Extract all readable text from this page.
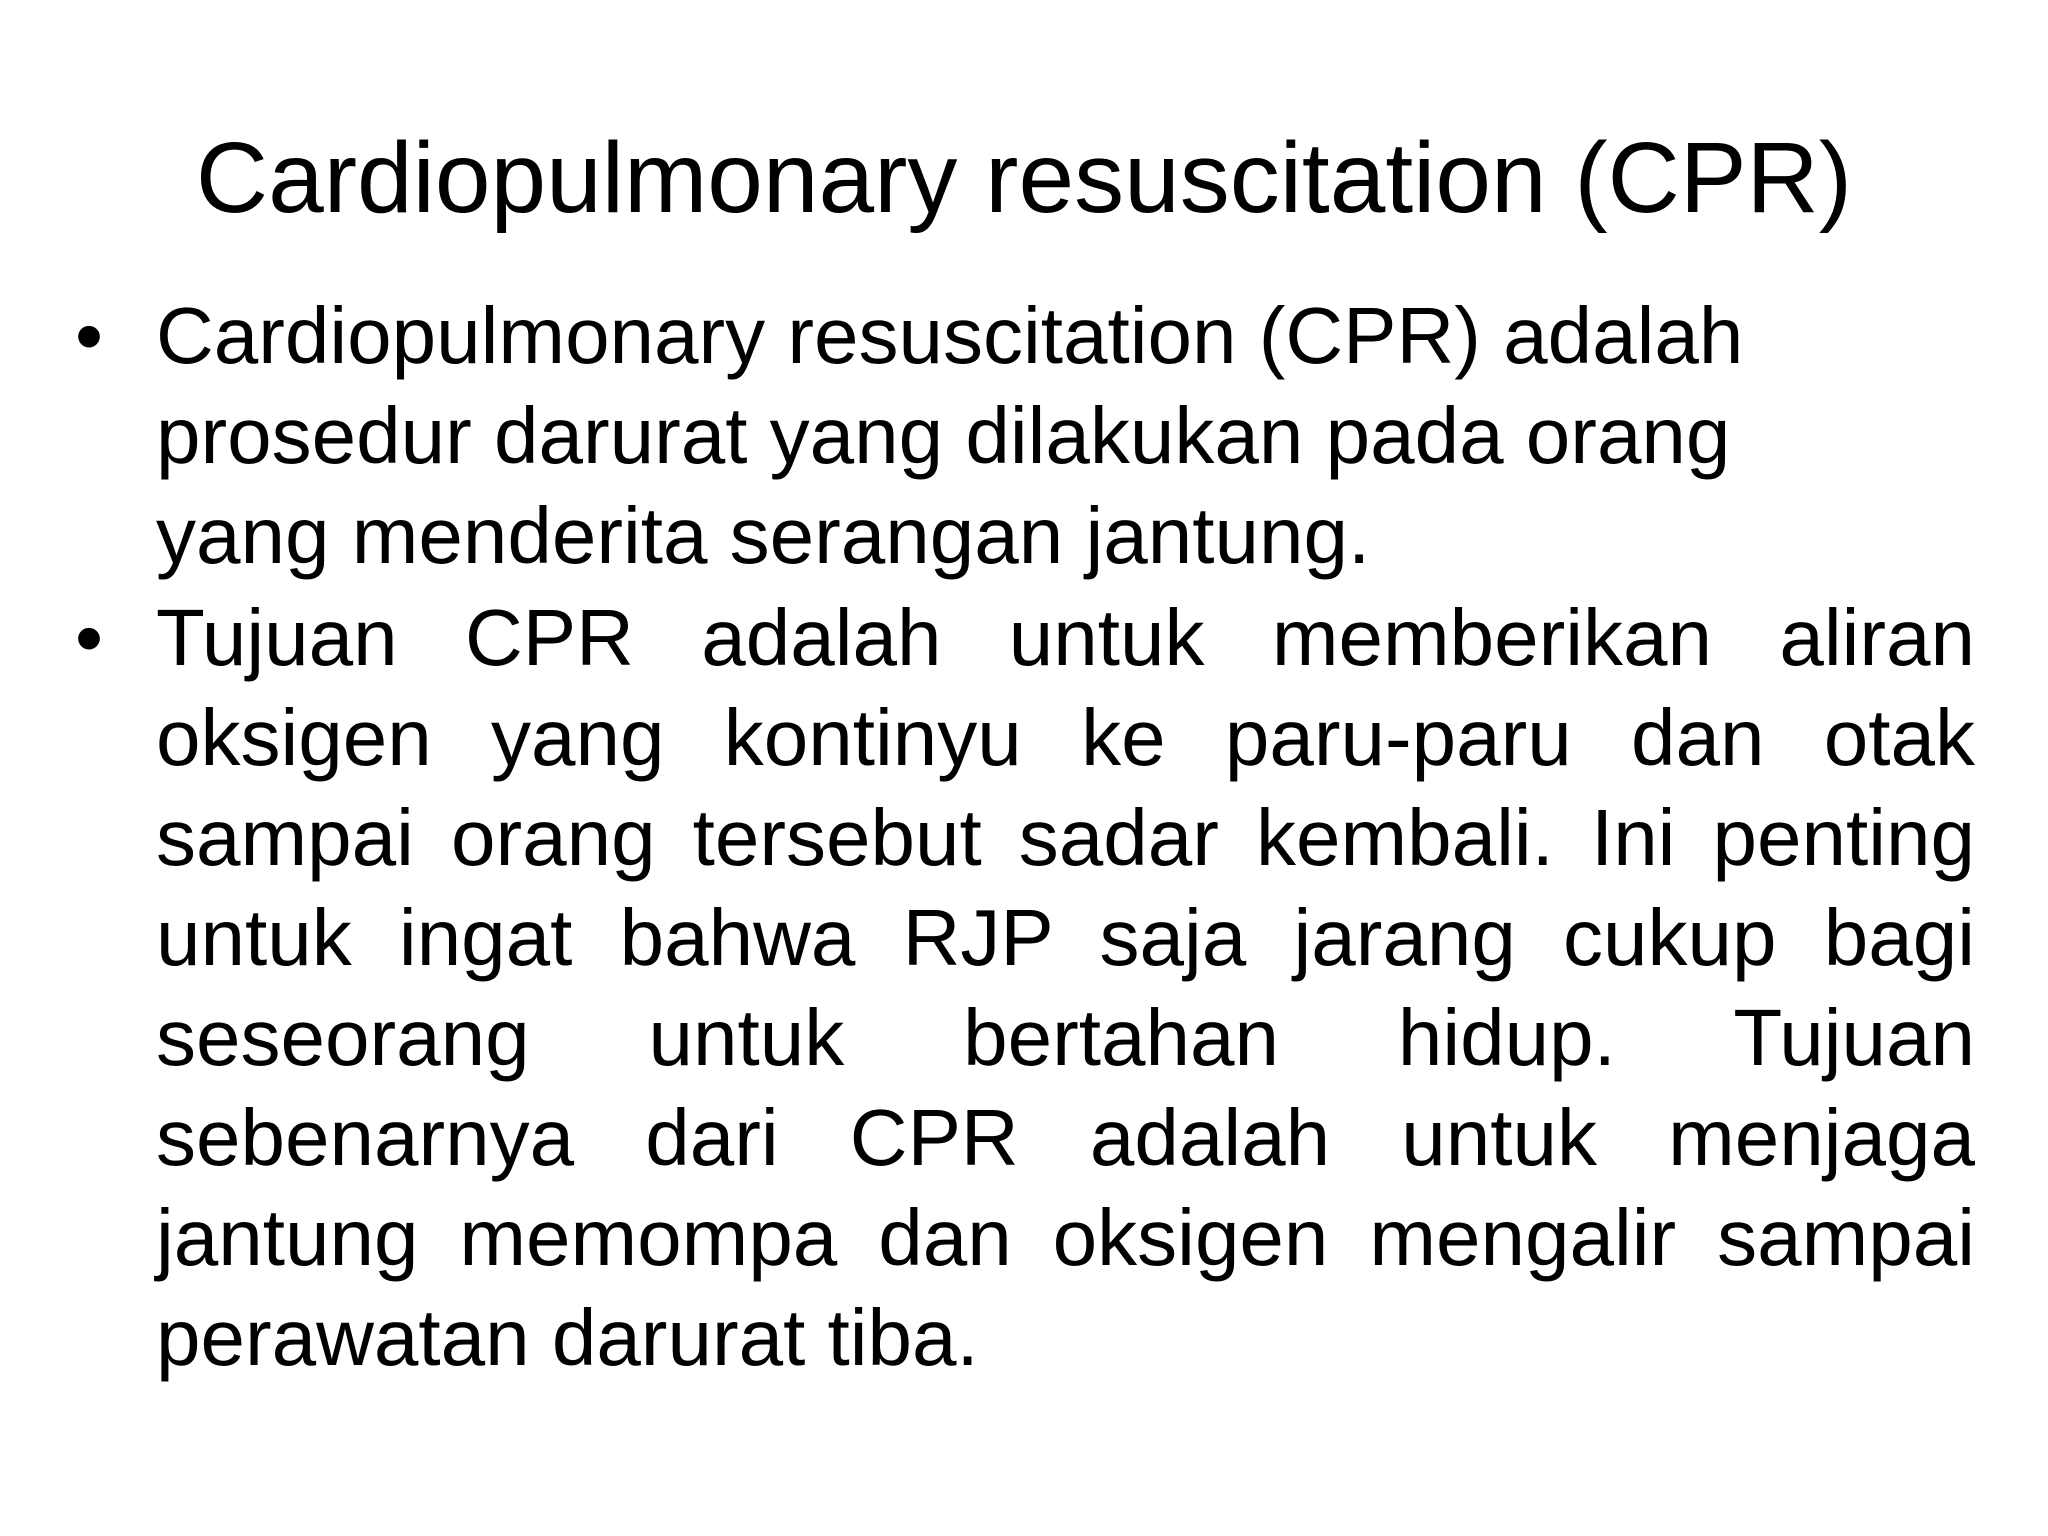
Cardiopulmonary resuscitation (CPR)
• Cardiopulmonary resuscitation (CPR) adalah prosedur darurat yang dilakukan pada orang yang menderita serangan jantung.
• Tujuan CPR adalah untuk memberikan aliran oksigen yang kontinyu ke paru-paru dan otak sampai orang tersebut sadar kembali. Ini penting untuk ingat bahwa RJP saja jarang cukup bagi seseorang untuk bertahan hidup. Tujuan sebenarnya dari CPR adalah untuk menjaga jantung memompa dan oksigen mengalir sampai perawatan darurat tiba.
